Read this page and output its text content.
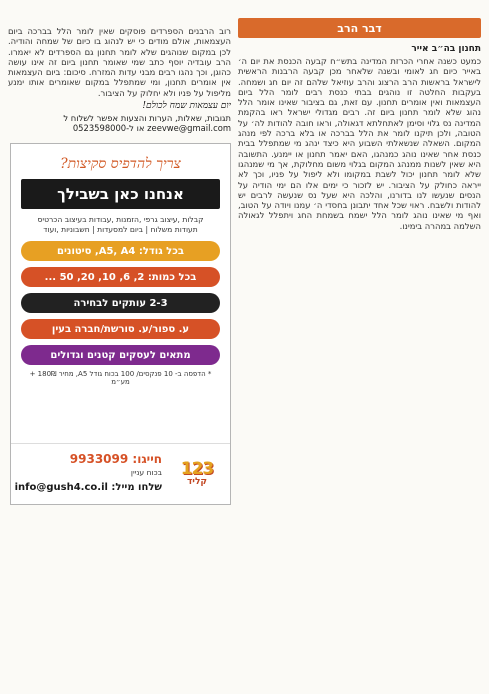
דבר הרב
תחנון בה״ב אייר
כמעט כשנה אחרי הכרזת המדינה בתש״ח קבעה הכנסת את יום ה׳ באייר כיום חג לאומי ובשנה שלאחר מכן קבעה הרבנות הראשית לישראל בראשות הרב הרצוג והרב עוזיאל שלהם זה יום חג ושמחה. בעקבות החלטה זו נוהגים בבתי כנסת רבים לומר הלל ביום העצמאות ואין אומרים תחנון. עם זאת, גם בציבור שאינו אומר הלל נהוג שלא לומר תחנון ביום זה. רבים מגדולי ישראל ראו בהקמת המדינה נס גלוי וסימן לאתחלתא דגאולה, וראו חובה להודות לה׳ על הטובה, ולכן תיקנו לומר את הלל בברכה או בלא ברכה לפי מנהג המקום. השאלה שנשאלתי השבוע היא כיצד ינהג מי שמתפלל בבית כנסת אחר שאינו נוהג כמנהגו, האם יאמר תחנון או יימנע. התשובה היא שאין לשנות ממנהג המקום בגלוי משום מחלוקת, אך מי שמנהגו שלא לומר תחנון יכול לשבת במקומו ולא ליפול על פניו, וכך לא ייראה כחולק על הציבור. יש לזכור כי ימים אלו הם ימי הודיה על הנסים שנעשו לנו בדורנו, והלכה היא שעל נס שנעשה לרבים יש להודות ולשבח. ראוי שכל אחד יתבונן בחסדי ה׳ עמנו ויודה על הטוב, ואף מי שאינו נוהג לומר הלל ישמח בשמחת החג ויתפלל לגאולה השלמה במהרה בימינו.
רוב הרבנים הספרדים פוסקים שאין לומר הלל בברכה ביום העצמאות, אולם מודים כי יש לנהוג בו כיום של שמחה והודיה. לכן במקום שנוהגים שלא לומר תחנון גם הספרדים לא יאמרו. הרב עובדיה יוסף כתב שמי שאומר תחנון ביום זה אינו עושה כהוגן, וכך נהגו רבים מבני עדות המזרח. סיכום: ביום העצמאות אין אומרים תחנון, ומי שמתפלל במקום שאומרים אותו ימנע מליפול על פניו ולא יחלוק על הציבור.
יום עצמאות שמח לכולם!
תגובות, שאלות, הערות והצעות אפשר לשלוח ל
zeevwe@gmail.com או ל-0523598000
צריך להדפיס סקיצות?
אנחנו כאן בשבילך
קבלות ,עיצוב גרפי ,הזמנות ,עבודות בעיצוב הכרטיס
תעודות משלוח | ביום למסעדות | חשבוניות ,ועוד
בכל גודל: A5, A4, סיטונים
בכל כמות: 2, 6, 10, 20, 50 ...
2-3 עותקים לבחירה
ע. ספור/ע. סורשת/חברה בעין
מתאים לעסקים קטנים וגדולים
* הדפסה ב- 10 פנקסים/ 100 בכוח גודל A5, מחיר 180₪ + מע״מ
חייגו: 9933099
בכוח עניין
שלחו מייל: info@gush4.co.il
123
קליד
